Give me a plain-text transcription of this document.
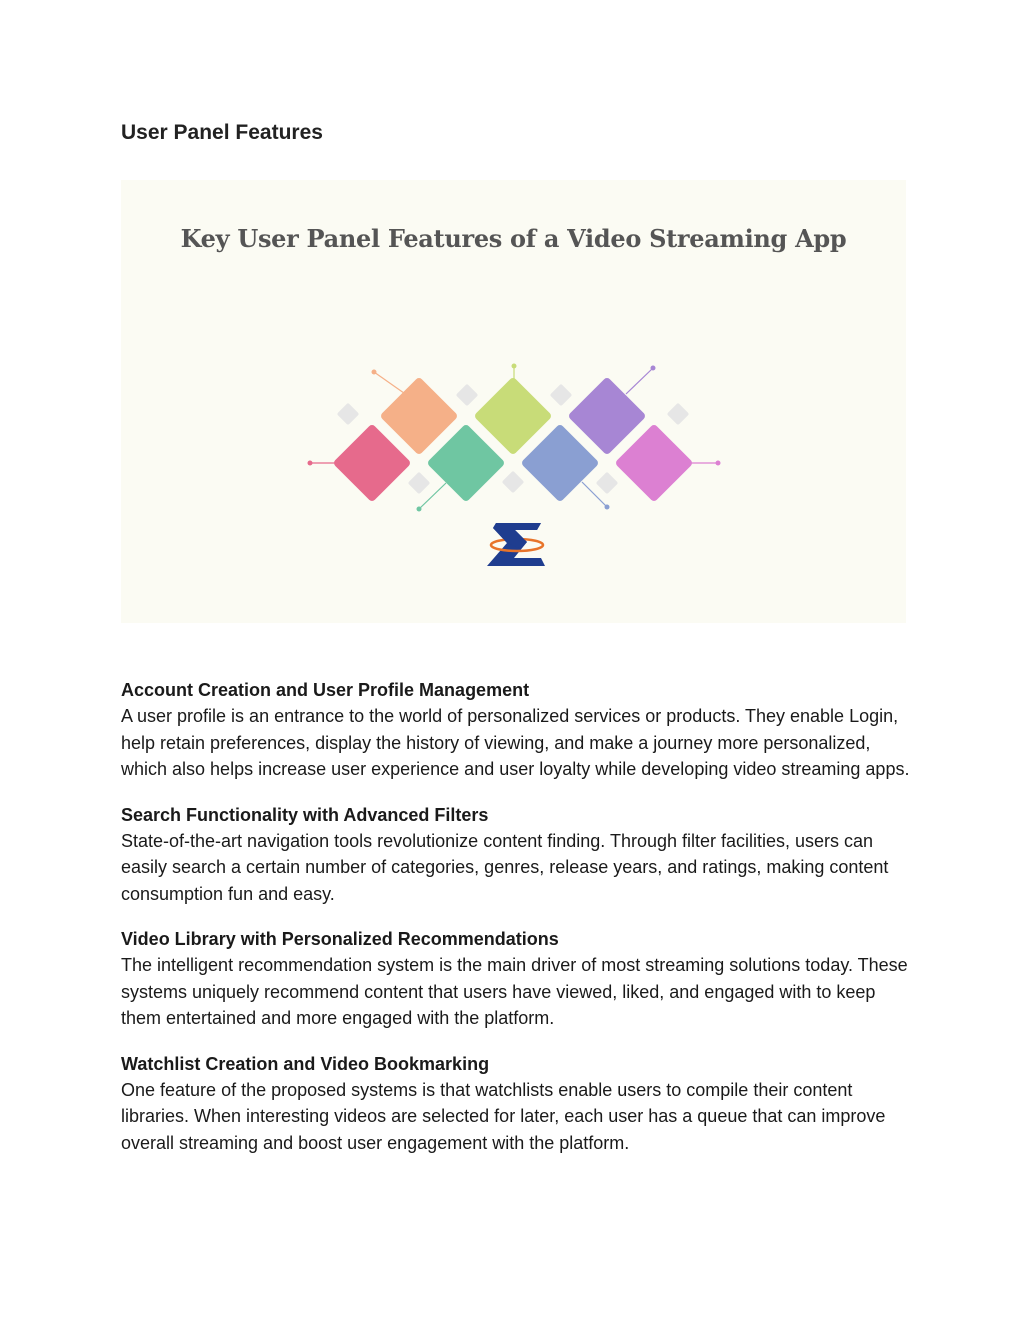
User Panel Features
Key User Panel Features of a Video Streaming App
Account Creation and User Profile Management

A user profile is an entrance to the world of personalized services or products. They enable Login, help retain preferences, display the history of viewing, and make a journey more personalized, which also helps increase user experience and user loyalty while developing video streaming apps.

Search Functionality with Advanced Filters

State-of-the-art navigation tools revolutionize content finding. Through filter facilities, users can easily search a certain number of categories, genres, release years, and ratings, making content consumption fun and easy.

Video Library with Personalized Recommendations

The intelligent recommendation system is the main driver of most streaming solutions today. These systems uniquely recommend content that users have viewed, liked, and engaged with to keep them entertained and more engaged with the platform.

Watchlist Creation and Video Bookmarking

One feature of the proposed systems is that watchlists enable users to compile their content libraries. When interesting videos are selected for later, each user has a queue that can improve overall streaming and boost user engagement with the platform.
